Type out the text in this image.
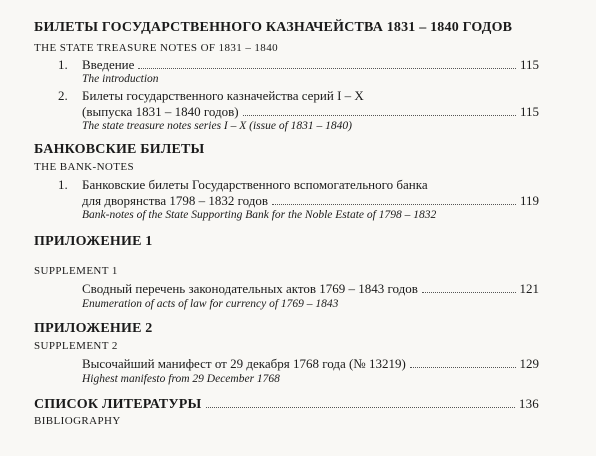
БИЛЕТЫ ГОСУДАРСТВЕННОГО КАЗНАЧЕЙСТВА 1831 – 1840 ГОДОВ
THE STATE TREASURE NOTES OF 1831 – 1840
1. Введение	115
The introduction
2. Билеты государственного казначейства серий I – X
(выпуска 1831 – 1840 годов)	115
The state treasure notes series I – X (issue of 1831 – 1840)
БАНКОВСКИЕ БИЛЕТЫ
THE BANK-NOTES
1. Банковские билеты Государственного вспомогательного банка
для дворянства 1798 – 1832 годов	119
Bank-notes of the State Supporting Bank for the Noble Estate of 1798 – 1832
ПРИЛОЖЕНИЕ 1
SUPPLEMENT 1
Сводный перечень законодательных актов 1769 – 1843 годов	121
Enumeration of acts of law for currency of 1769 – 1843
ПРИЛОЖЕНИЕ 2
SUPPLEMENT 2
Высочайший манифест от 29 декабря 1768 года (№ 13219)	129
Highest manifesto from 29 December 1768
СПИСОК ЛИТЕРАТУРЫ	136
BIBLIOGRAPHY
